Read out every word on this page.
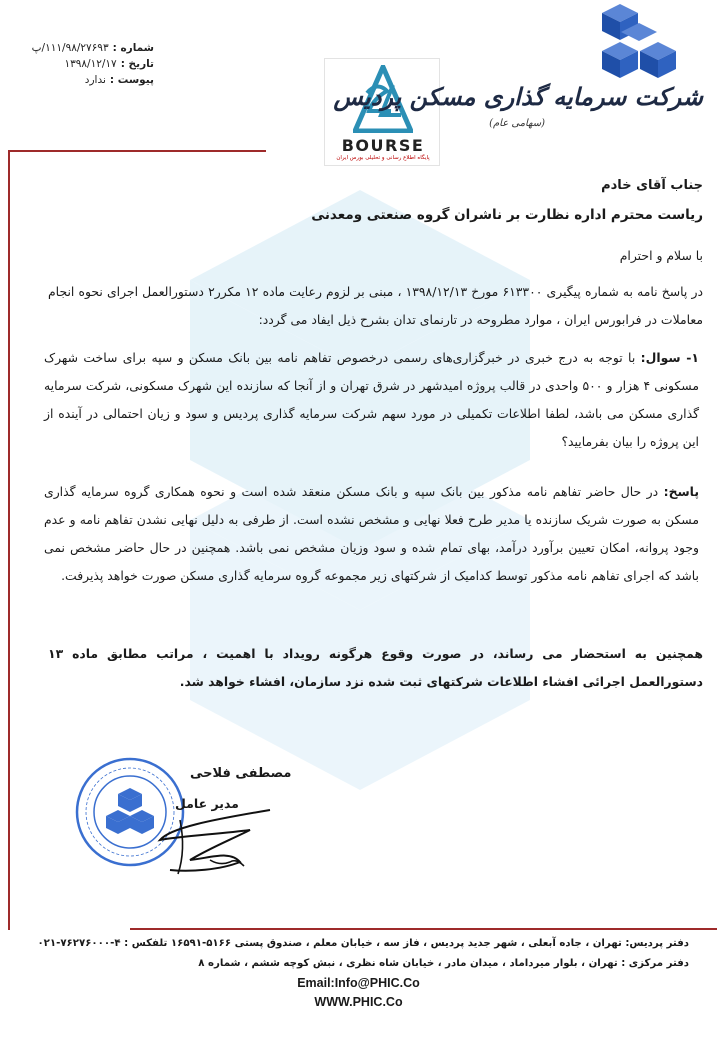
شماره :
۱۱۱/۹۸/۲۷۶۹۳/پ
تاریخ :
۱۳۹۸/۱۲/۱۷
پیوست :
ندارد
BOURSE
پایگاه اطلاع رسانی و تحلیلی بورس ایران
شرکت سرمایه گذاری مسکن پردیس
(سهامی عام)
جناب آقای خادم
ریاست محترم اداره نظارت بر ناشران گروه صنعتی ومعدنی
با سلام و احترام
در پاسخ نامه به شماره پیگیری ۶۱۳۳۰۰ مورخ ۱۳۹۸/۱۲/۱۳ ، مبنی بر لزوم رعایت ماده ۱۲ مکرر۲ دستورالعمل اجرای نحوه انجام معاملات در فرابورس ایران ، موارد مطروحه در تارنمای تدان بشرح ذیل ایفاد می گردد:
۱- سوال: با توجه به درج خبری در خبرگزاری‌های رسمی درخصوص تفاهم نامه بین بانک مسکن و سپه برای ساخت شهرک مسکونی ۴ هزار و ۵۰۰ واحدی در قالب پروژه امیدشهر در شرق تهران و از آنجا که سازنده این شهرک مسکونی، شرکت سرمایه گذاری مسکن می باشد، لطفا اطلاعات تکمیلی در مورد سهم شرکت سرمایه گذاری پردیس و سود و زیان احتمالی در آینده از این پروژه را بیان بفرمایید؟
پاسخ: در حال حاضر تفاهم نامه مذکور بین بانک سپه و بانک مسکن منعقد شده است و نحوه همکاری گروه سرمایه گذاری مسکن به صورت شریک سازنده یا مدیر طرح فعلا نهایی و مشخص نشده است. از طرفی به دلیل نهایی نشدن تفاهم نامه و عدم وجود پروانه، امکان تعیین برآورد درآمد، بهای تمام شده و سود وزیان مشخص نمی باشد. همچنین در حال حاضر مشخص نمی باشد که اجرای تفاهم نامه مذکور توسط کدامیک از شرکتهای زیر مجموعه گروه سرمایه گذاری مسکن صورت خواهد پذیرفت.
همچنین به استحضار می رساند، در صورت وقوع هرگونه رویداد با اهمیت ، مراتب مطابق ماده ۱۳ دستورالعمل اجرائی افشاء اطلاعات شرکتهای ثبت شده نزد سازمان، افشاء خواهد شد.
مصطفی فلاحی
مدیر عامل
دفتر پردیس: تهران ، جاده آبعلی ، شهر جدید پردیس ، فاز سه ، خیابان معلم ، صندوق پستی ۵۱۶۶-۱۶۵۹۱ تلفکس : ۴-۷۶۲۷۶۰۰۰-۰۲۱
دفتر مرکزی : تهران ، بلوار میرداماد ، میدان مادر ، خیابان شاه نظری ، نبش کوچه ششم ، شماره ۸
Email:Info@PHIC.Co
WWW.PHIC.Co
